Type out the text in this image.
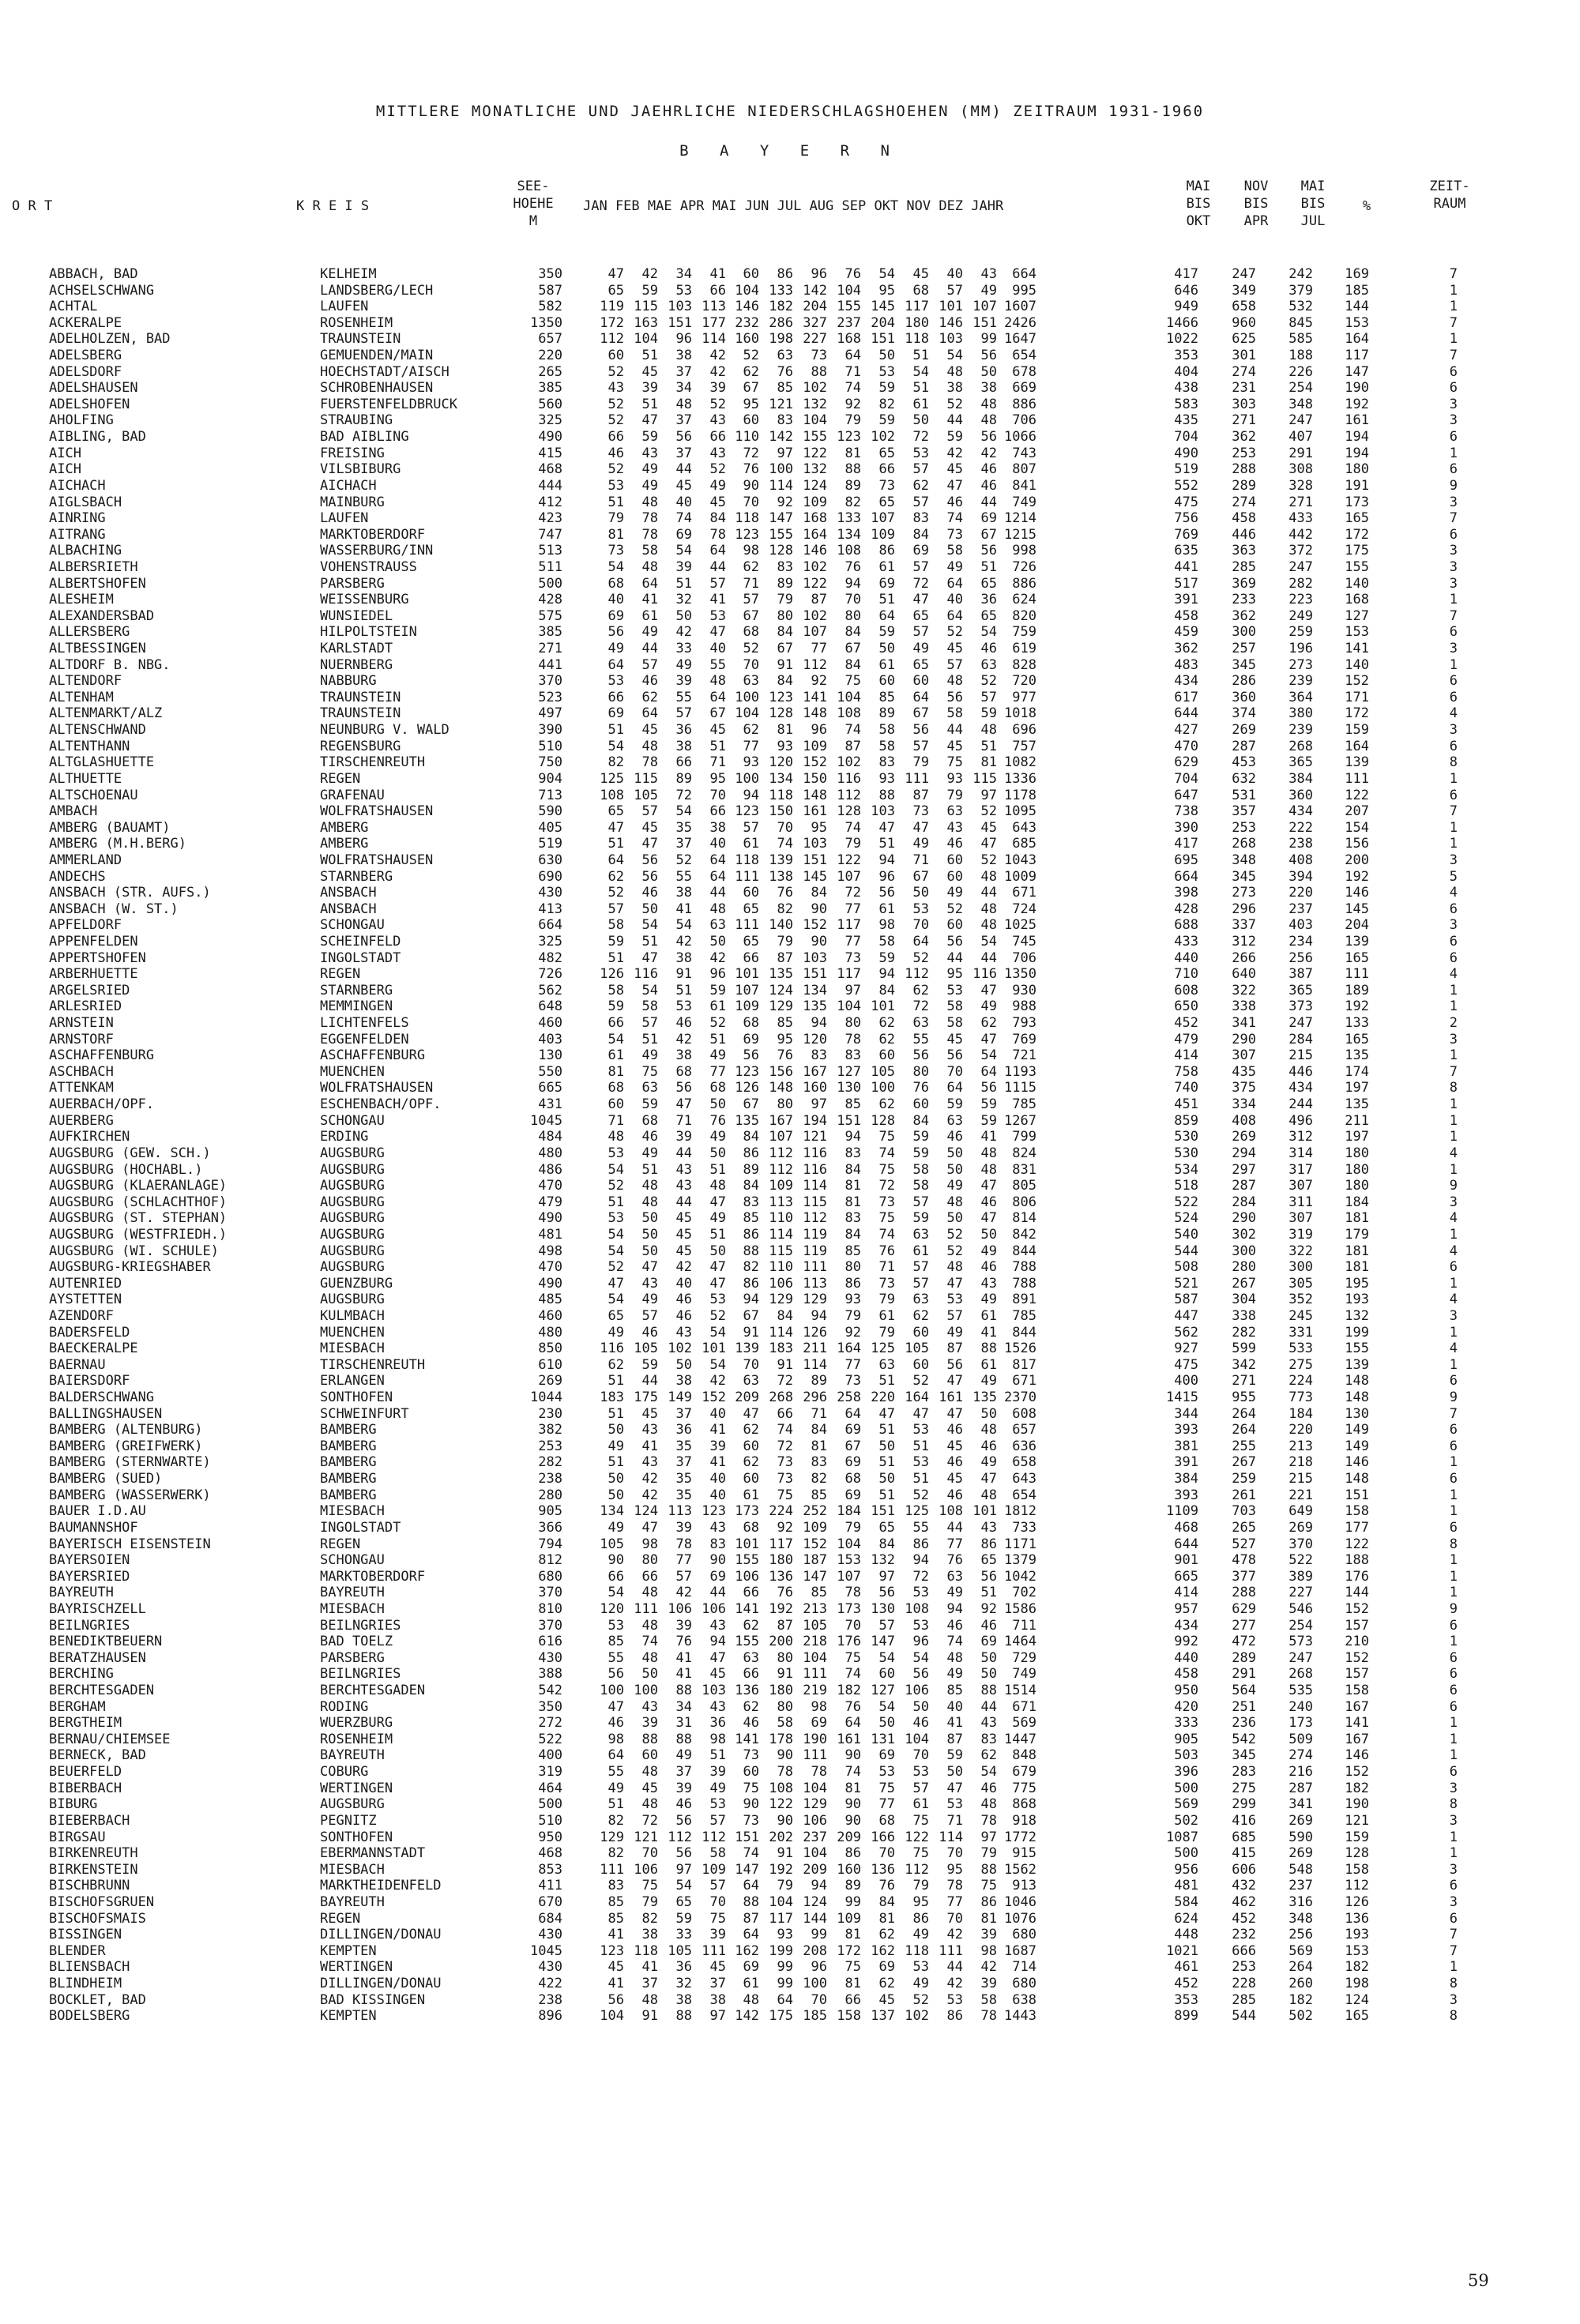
MITTLERE MONATLICHE UND JAEHRLICHE NIEDERSCHLAGSHOEHEN (MM) ZEITRAUM 1931-1960
B A Y E R N
O R T	K R E I S
SEE-
HOEHE
M
JAN FEB MAE APR MAI JUN JUL AUG SEP OKT NOV DEZ JAHR
MAI
BIS
OKT
NOV
BIS
APR
MAI
BIS
JUL
%
ZEIT-
RAUM
ABBACH, BAD	KELHEIM	350	47 42 34 41 60 86 96 76 54 45 40 43 664	417 247 242 169	7
ACHSELSCHWANG	LANDSBERG/LECH	587	65 59 53 66 104 133 142 104 95 68 57 49 995	646 349 379 185	1
ACHTAL	LAUFEN	582	119 115 103 113 146 182 204 155 145 117 101 107 1607	949 658 532 144	1
ACKERALPE	ROSENHEIM	1350	172 163 151 177 232 286 327 237 204 180 146 151 2426	1466 960 845 153	7
ADELHOLZEN, BAD	TRAUNSTEIN	657	112 104 96 114 160 198 227 168 151 118 103 99 1647	1022 625 585 164	1
ADELSBERG	GEMUENDEN/MAIN	220	60 51 38 42 52 63 73 64 50 51 54 56 654	353 301 188 117	7
ADELSDORF	HOECHSTADT/AISCH	265	52 45 37 42 62 76 88 71 53 54 48 50 678	404 274 226 147	6
ADELSHAUSEN	SCHROBENHAUSEN	385	43 39 34 39 67 85 102 74 59 51 38 38 669	438 231 254 190	6
ADELSHOFEN	FUERSTENFELDBRUCK	560	52 51 48 52 95 121 132 92 82 61 52 48 886	583 303 348 192	3
AHOLFING	STRAUBING	325	52 47 37 43 60 83 104 79 59 50 44 48 706	435 271 247 161	3
AIBLING, BAD	BAD AIBLING	490	66 59 56 66 110 142 155 123 102 72 59 56 1066	704 362 407 194	6
AICH	FREISING	415	46 43 37 43 72 97 122 81 65 53 42 42 743	490 253 291 194	1
AICH	VILSBIBURG	468	52 49 44 52 76 100 132 88 66 57 45 46 807	519 288 308 180	6
AICHACH	AICHACH	444	53 49 45 49 90 114 124 89 73 62 47 46 841	552 289 328 191	9
AIGLSBACH	MAINBURG	412	51 48 40 45 70 92 109 82 65 57 46 44 749	475 274 271 173	3
AINRING	LAUFEN	423	79 78 74 84 118 147 168 133 107 83 74 69 1214	756 458 433 165	7
AITRANG	MARKTOBERDORF	747	81 78 69 78 123 155 164 134 109 84 73 67 1215	769 446 442 172	6
ALBACHING	WASSERBURG/INN	513	73 58 54 64 98 128 146 108 86 69 58 56 998	635 363 372 175	3
ALBERSRIETH	VOHENSTRAUSS	511	54 48 39 44 62 83 102 76 61 57 49 51 726	441 285 247 155	3
ALBERTSHOFEN	PARSBERG	500	68 64 51 57 71 89 122 94 69 72 64 65 886	517 369 282 140	3
ALESHEIM	WEISSENBURG	428	40 41 32 41 57 79 87 70 51 47 40 36 624	391 233 223 168	1
ALEXANDERSBAD	WUNSIEDEL	575	69 61 50 53 67 80 102 80 64 65 64 65 820	458 362 249 127	7
ALLERSBERG	HILPOLTSTEIN	385	56 49 42 47 68 84 107 84 59 57 52 54 759	459 300 259 153	6
ALTBESSINGEN	KARLSTADT	271	49 44 33 40 52 67 77 67 50 49 45 46 619	362 257 196 141	3
ALTDORF B. NBG.	NUERNBERG	441	64 57 49 55 70 91 112 84 61 65 57 63 828	483 345 273 140	1
ALTENDORF	NABBURG	370	53 46 39 48 63 84 92 75 60 60 48 52 720	434 286 239 152	6
ALTENHAM	TRAUNSTEIN	523	66 62 55 64 100 123 141 104 85 64 56 57 977	617 360 364 171	6
ALTENMARKT/ALZ	TRAUNSTEIN	497	69 64 57 67 104 128 148 108 89 67 58 59 1018	644 374 380 172	4
ALTENSCHWAND	NEUNBURG V. WALD	390	51 45 36 45 62 81 96 74 58 56 44 48 696	427 269 239 159	3
ALTENTHANN	REGENSBURG	510	54 48 38 51 77 93 109 87 58 57 45 51 757	470 287 268 164	6
ALTGLASHUETTE	TIRSCHENREUTH	750	82 78 66 71 93 120 152 102 83 79 75 81 1082	629 453 365 139	8
ALTHUETTE	REGEN	904	125 115 89 95 100 134 150 116 93 111 93 115 1336	704 632 384 111	1
ALTSCHOENAU	GRAFENAU	713	108 105 72 70 94 118 148 112 88 87 79 97 1178	647 531 360 122	6
AMBACH	WOLFRATSHAUSEN	590	65 57 54 66 123 150 161 128 103 73 63 52 1095	738 357 434 207	7
AMBERG (BAUAMT)	AMBERG	405	47 45 35 38 57 70 95 74 47 47 43 45 643	390 253 222 154	1
AMBERG (M.H.BERG)	AMBERG	519	51 47 37 40 61 74 103 79 51 49 46 47 685	417 268 238 156	1
AMMERLAND	WOLFRATSHAUSEN	630	64 56 52 64 118 139 151 122 94 71 60 52 1043	695 348 408 200	3
ANDECHS	STARNBERG	690	62 56 55 64 111 138 145 107 96 67 60 48 1009	664 345 394 192	5
ANSBACH (STR. AUFS.)	ANSBACH	430	52 46 38 44 60 76 84 72 56 50 49 44 671	398 273 220 146	4
ANSBACH (W. ST.)	ANSBACH	413	57 50 41 48 65 82 90 77 61 53 52 48 724	428 296 237 145	6
APFELDORF	SCHONGAU	664	58 54 54 63 111 140 152 117 98 70 60 48 1025	688 337 403 204	3
APPENFELDEN	SCHEINFELD	325	59 51 42 50 65 79 90 77 58 64 56 54 745	433 312 234 139	6
APPERTSHOFEN	INGOLSTADT	482	51 47 38 42 66 87 103 73 59 52 44 44 706	440 266 256 165	6
ARBERHUETTE	REGEN	726	126 116 91 96 101 135 151 117 94 112 95 116 1350	710 640 387 111	4
ARGELSRIED	STARNBERG	562	58 54 51 59 107 124 134 97 84 62 53 47 930	608 322 365 189	1
ARLESRIED	MEMMINGEN	648	59 58 53 61 109 129 135 104 101 72 58 49 988	650 338 373 192	1
ARNSTEIN	LICHTENFELS	460	66 57 46 52 68 85 94 80 62 63 58 62 793	452 341 247 133	2
ARNSTORF	EGGENFELDEN	403	54 51 42 51 69 95 120 78 62 55 45 47 769	479 290 284 165	3
ASCHAFFENBURG	ASCHAFFENBURG	130	61 49 38 49 56 76 83 83 60 56 56 54 721	414 307 215 135	1
ASCHBACH	MUENCHEN	550	81 75 68 77 123 156 167 127 105 80 70 64 1193	758 435 446 174	7
ATTENKAM	WOLFRATSHAUSEN	665	68 63 56 68 126 148 160 130 100 76 64 56 1115	740 375 434 197	8
AUERBACH/OPF.	ESCHENBACH/OPF.	431	60 59 47 50 67 80 97 85 62 60 59 59 785	451 334 244 135	1
AUERBERG	SCHONGAU	1045	71 68 71 76 135 167 194 151 128 84 63 59 1267	859 408 496 211	1
AUFKIRCHEN	ERDING	484	48 46 39 49 84 107 121 94 75 59 46 41 799	530 269 312 197	1
AUGSBURG (GEW. SCH.)	AUGSBURG	480	53 49 44 50 86 112 116 83 74 59 50 48 824	530 294 314 180	4
AUGSBURG (HOCHABL.)	AUGSBURG	486	54 51 43 51 89 112 116 84 75 58 50 48 831	534 297 317 180	1
AUGSBURG (KLAERANLAGE)	AUGSBURG	470	52 48 43 48 84 109 114 81 72 58 49 47 805	518 287 307 180	9
AUGSBURG (SCHLACHTHOF)	AUGSBURG	479	51 48 44 47 83 113 115 81 73 57 48 46 806	522 284 311 184	3
AUGSBURG (ST. STEPHAN)	AUGSBURG	490	53 50 45 49 85 110 112 83 75 59 50 47 814	524 290 307 181	4
AUGSBURG (WESTFRIEDH.)	AUGSBURG	481	54 50 45 51 86 114 119 84 74 63 52 50 842	540 302 319 179	1
AUGSBURG (WI. SCHULE)	AUGSBURG	498	54 50 45 50 88 115 119 85 76 61 52 49 844	544 300 322 181	4
AUGSBURG-KRIEGSHABER	AUGSBURG	470	52 47 42 47 82 110 111 80 71 57 48 46 788	508 280 300 181	6
AUTENRIED	GUENZBURG	490	47 43 40 47 86 106 113 86 73 57 47 43 788	521 267 305 195	1
AYSTETTEN	AUGSBURG	485	54 49 46 53 94 129 129 93 79 63 53 49 891	587 304 352 193	4
AZENDORF	KULMBACH	460	65 57 46 52 67 84 94 79 61 62 57 61 785	447 338 245 132	3
BADERSFELD	MUENCHEN	480	49 46 43 54 91 114 126 92 79 60 49 41 844	562 282 331 199	1
BAECKERALPE	MIESBACH	850	116 105 102 101 139 183 211 164 125 105 87 88 1526	927 599 533 155	4
BAERNAU	TIRSCHENREUTH	610	62 59 50 54 70 91 114 77 63 60 56 61 817	475 342 275 139	1
BAIERSDORF	ERLANGEN	269	51 44 38 42 63 72 89 73 51 52 47 49 671	400 271 224 148	6
BALDERSCHWANG	SONTHOFEN	1044	183 175 149 152 209 268 296 258 220 164 161 135 2370	1415 955 773 148	9
BALLINGSHAUSEN	SCHWEINFURT	230	51 45 37 40 47 66 71 64 47 47 47 50 608	344 264 184 130	7
BAMBERG (ALTENBURG)	BAMBERG	382	50 43 36 41 62 74 84 69 51 53 46 48 657	393 264 220 149	6
BAMBERG (GREIFWERK)	BAMBERG	253	49 41 35 39 60 72 81 67 50 51 45 46 636	381 255 213 149	6
BAMBERG (STERNWARTE)	BAMBERG	282	51 43 37 41 62 73 83 69 51 53 46 49 658	391 267 218 146	1
BAMBERG (SUED)	BAMBERG	238	50 42 35 40 60 73 82 68 50 51 45 47 643	384 259 215 148	6
BAMBERG (WASSERWERK)	BAMBERG	280	50 42 35 40 61 75 85 69 51 52 46 48 654	393 261 221 151	1
BAUER I.D.AU	MIESBACH	905	134 124 113 123 173 224 252 184 151 125 108 101 1812	1109 703 649 158	1
BAUMANNSHOF	INGOLSTADT	366	49 47 39 43 68 92 109 79 65 55 44 43 733	468 265 269 177	6
BAYERISCH EISENSTEIN	REGEN	794	105 98 78 83 101 117 152 104 84 86 77 86 1171	644 527 370 122	8
BAYERSOIEN	SCHONGAU	812	90 80 77 90 155 180 187 153 132 94 76 65 1379	901 478 522 188	1
BAYERSRIED	MARKTOBERDORF	680	66 66 57 69 106 136 147 107 97 72 63 56 1042	665 377 389 176	1
BAYREUTH	BAYREUTH	370	54 48 42 44 66 76 85 78 56 53 49 51 702	414 288 227 144	1
BAYRISCHZELL	MIESBACH	810	120 111 106 106 141 192 213 173 130 108 94 92 1586	957 629 546 152	9
BEILNGRIES	BEILNGRIES	370	53 48 39 43 62 87 105 70 57 53 46 46 711	434 277 254 157	6
BENEDIKTBEUERN	BAD TOELZ	616	85 74 76 94 155 200 218 176 147 96 74 69 1464	992 472 573 210	1
BERATZHAUSEN	PARSBERG	430	55 48 41 47 63 80 104 75 54 54 48 50 729	440 289 247 152	6
BERCHING	BEILNGRIES	388	56 50 41 45 66 91 111 74 60 56 49 50 749	458 291 268 157	6
BERCHTESGADEN	BERCHTESGADEN	542	100 100 88 103 136 180 219 182 127 106 85 88 1514	950 564 535 158	6
BERGHAM	RODING	350	47 43 34 43 62 80 98 76 54 50 40 44 671	420 251 240 167	6
BERGTHEIM	WUERZBURG	272	46 39 31 36 46 58 69 64 50 46 41 43 569	333 236 173 141	1
BERNAU/CHIEMSEE	ROSENHEIM	522	98 88 88 98 141 178 190 161 131 104 87 83 1447	905 542 509 167	1
BERNECK, BAD	BAYREUTH	400	64 60 49 51 73 90 111 90 69 70 59 62 848	503 345 274 146	1
BEUERFELD	COBURG	319	55 48 37 39 60 78 78 74 53 53 50 54 679	396 283 216 152	6
BIBERBACH	WERTINGEN	464	49 45 39 49 75 108 104 81 75 57 47 46 775	500 275 287 182	3
BIBURG	AUGSBURG	500	51 48 46 53 90 122 129 90 77 61 53 48 868	569 299 341 190	8
BIEBERBACH	PEGNITZ	510	82 72 56 57 73 90 106 90 68 75 71 78 918	502 416 269 121	3
BIRGSAU	SONTHOFEN	950	129 121 112 112 151 202 237 209 166 122 114 97 1772	1087 685 590 159	1
BIRKENREUTH	EBERMANNSTADT	468	82 70 56 58 74 91 104 86 70 75 70 79 915	500 415 269 128	1
BIRKENSTEIN	MIESBACH	853	111 106 97 109 147 192 209 160 136 112 95 88 1562	956 606 548 158	3
BISCHBRUNN	MARKTHEIDENFELD	411	83 75 54 57 64 79 94 89 76 79 78 75 913	481 432 237 112	6
BISCHOFSGRUEN	BAYREUTH	670	85 79 65 70 88 104 124 99 84 95 77 86 1046	584 462 316 126	3
BISCHOFSMAIS	REGEN	684	85 82 59 75 87 117 144 109 81 86 70 81 1076	624 452 348 136	6
BISSINGEN	DILLINGEN/DONAU	430	41 38 33 39 64 93 99 81 62 49 42 39 680	448 232 256 193	7
BLENDER	KEMPTEN	1045	123 118 105 111 162 199 208 172 162 118 111 98 1687	1021 666 569 153	7
BLIENSBACH	WERTINGEN	430	45 41 36 45 69 99 96 75 69 53 44 42 714	461 253 264 182	1
BLINDHEIM	DILLINGEN/DONAU	422	41 37 32 37 61 99 100 81 62 49 42 39 680	452 228 260 198	8
BOCKLET, BAD	BAD KISSINGEN	238	56 48 38 38 48 64 70 66 45 52 53 58 638	353 285 182 124	3
BODELSBERG	KEMPTEN	896	104 91 88 97 142 175 185 158 137 102 86 78 1443	899 544 502 165	8
59
